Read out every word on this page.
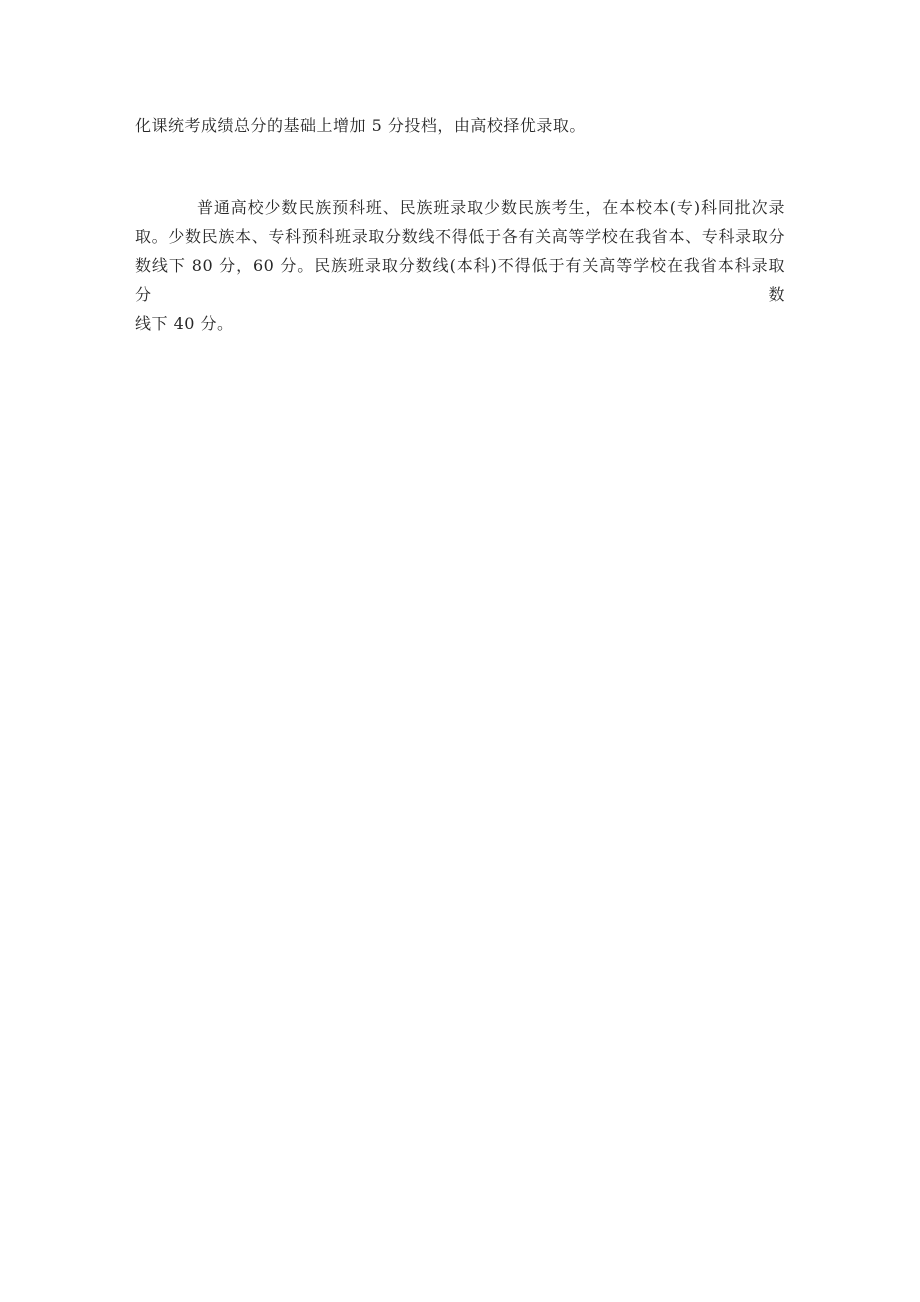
化课统考成绩总分的基础上增加 5 分投档，由高校择优录取。
普通高校少数民族预科班、民族班录取少数民族考生，在本校本(专)科同批次录
取。少数民族本、专科预科班录取分数线不得低于各有关高等学校在我省本、专科录取分
数线下 80 分，60 分。民族班录取分数线(本科)不得低于有关高等学校在我省本科录取分数
线下 40 分。
